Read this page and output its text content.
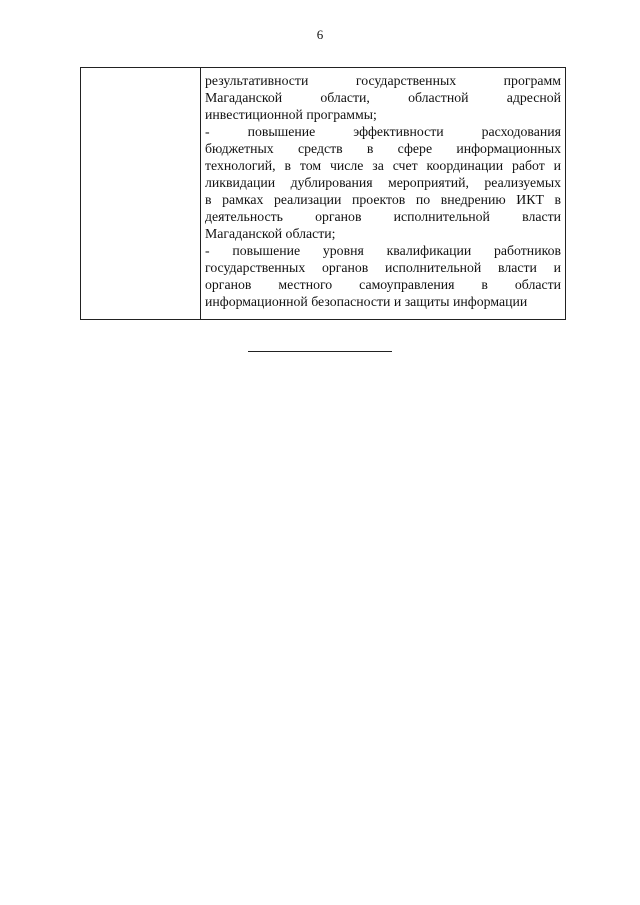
6
результативности государственных программ
Магаданской области, областной адресной
инвестиционной программы;
- повышение эффективности расходования
бюджетных средств в сфере информационных
технологий, в том числе за счет координации работ и
ликвидации дублирования мероприятий, реализуемых
в рамках реализации проектов по внедрению ИКТ в
деятельность органов исполнительной власти
Магаданской области;
- повышение уровня квалификации работников
государственных органов исполнительной власти и
органов местного самоуправления в области
информационной безопасности и защиты информации
